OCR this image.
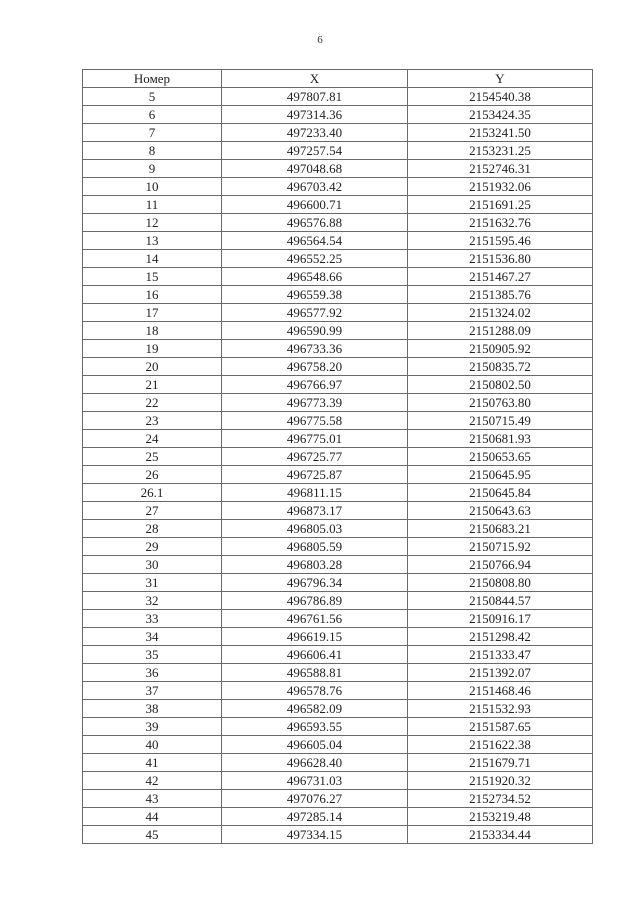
6
Номер	X	Y
5	497807.81	2154540.38
6	497314.36	2153424.35
7	497233.40	2153241.50
8	497257.54	2153231.25
9	497048.68	2152746.31
10	496703.42	2151932.06
11	496600.71	2151691.25
12	496576.88	2151632.76
13	496564.54	2151595.46
14	496552.25	2151536.80
15	496548.66	2151467.27
16	496559.38	2151385.76
17	496577.92	2151324.02
18	496590.99	2151288.09
19	496733.36	2150905.92
20	496758.20	2150835.72
21	496766.97	2150802.50
22	496773.39	2150763.80
23	496775.58	2150715.49
24	496775.01	2150681.93
25	496725.77	2150653.65
26	496725.87	2150645.95
26.1	496811.15	2150645.84
27	496873.17	2150643.63
28	496805.03	2150683.21
29	496805.59	2150715.92
30	496803.28	2150766.94
31	496796.34	2150808.80
32	496786.89	2150844.57
33	496761.56	2150916.17
34	496619.15	2151298.42
35	496606.41	2151333.47
36	496588.81	2151392.07
37	496578.76	2151468.46
38	496582.09	2151532.93
39	496593.55	2151587.65
40	496605.04	2151622.38
41	496628.40	2151679.71
42	496731.03	2151920.32
43	497076.27	2152734.52
44	497285.14	2153219.48
45	497334.15	2153334.44
